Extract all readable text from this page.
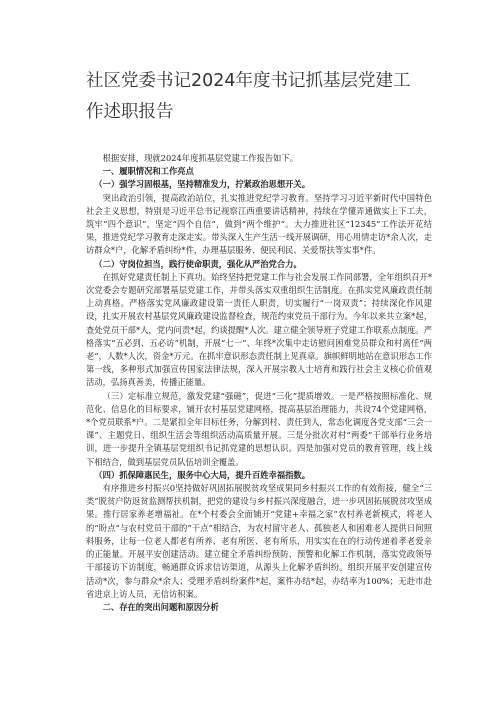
社区党委书记2024年度书记抓基层党建工作述职报告

根据安排，现就2024年度抓基层党建工作报告如下。

一、履职情况和工作亮点

（一）强学习固根基，坚持精准发力，拧紧政治思想开关。

突出政治引领，提高政治站位，扎实推进党纪学习教育。坚持学习习近平新时代中国特色社会主义思想，特别是习近平总书记视察江西重要讲话精神，持续在学懂弄通做实上下工夫，筑牢“四个意识”，坚定“四个自信”，做到“两个维护”。大力推进社区“12345”工作法开花结果，推进党纪学习教育走深走实。带头深入生产生活一线开展调研，用心用情走访*余人次，走访群众*户，化解矛盾纠纷*件，办理基层服务、便民利民、关爱帮扶等实事*件。

（二）守岗位担当，践行使命职责，强化从严治党合力。

在抓好党建责任制上下真功。始终坚持把党建工作与社会发展工作同部署，全年组织召开*次党委会专题研究部署基层党建工作，并带头落实双重组织生活制度。在抓实党风廉政责任制上动真格。严格落实党风廉政建设第一责任人职责，切实履行“一岗双责”；持续深化作风建设，扎实开展农村基层党风廉政建设监督检查，规范约束党员干部行为。今年以来共立案*起，查处党员干部*人，党内问责*起，约谈提醒*人次。建立健全领导班子党建工作联系点制度。严格落实“五必到、五必访”机制，开展“七一”、年终*次集中走访慰问困难党员群众和村离任“两老”，人数*人次，资金*万元。在抓牢意识形态责任制上见真章。旗帜鲜明地站在意识形态工作第一线，多种形式加强宣传国家法律法规，深入开展宗教人士培育和践行社会主义核心价值观活动，弘扬真善美，传播正能量。

（三）定标准立规范，激发党建“强磁”，促进“三化”提质增效。一是严格按照标准化、规范化、信息化的目标要求，铺开农村基层党建网格，提高基层治理能力，共设74个党建网格，*个党员联系*户。二是紧扣全年目标任务，分解到村、责任到人，常态化调度各党支部“三会一课”、主题党日、组织生活会等组织活动高质量开展。三是分批次对村“两委”干部举行业务培训，进一步提升全镇基层党组织书记抓党建的思想认识。四是加强对党员的教育管理，线上线下相结合，做到基层党员队伍培训全覆盖。

（四）抓保障惠民生，服务中心大局，提升百姓幸福指数。

有序推进乡村振兴0坚持做好巩固拓展脱贫攻坚成果同乡村振兴工作的有效衔接，健全“三类”脱贫户防返贫监测帮扶机制，把党的建设与乡村振兴深度融合，进一步巩固拓展脱贫攻坚成果。推行居家养老增福祉。在*个村委会全面铺开“党建+幸福之家”农村养老新模式，将老人的“盼点”与农村党员干部的“干点”相结合，为农村留守老人、孤独老人和困难老人提供日间照料服务，让每一位老人都老有所养、老有所医、老有所乐，用实实在在的行动传递着孝老爱亲的正能量。开展平安创建活动。建立健全矛盾纠纷预防、预警和化解工作机制，落实党政领导干部接访下访制度，畅通群众诉求信访渠道，从源头上化解矛盾纠纷。组织开展平安创建宣传活动*次，参与群众*余人；受理矛盾纠纷案件*起，案件办结*起，办结率为100%；无赴市赴省进京上访人员，无信访积案。

二、存在的突出问题和原因分析
